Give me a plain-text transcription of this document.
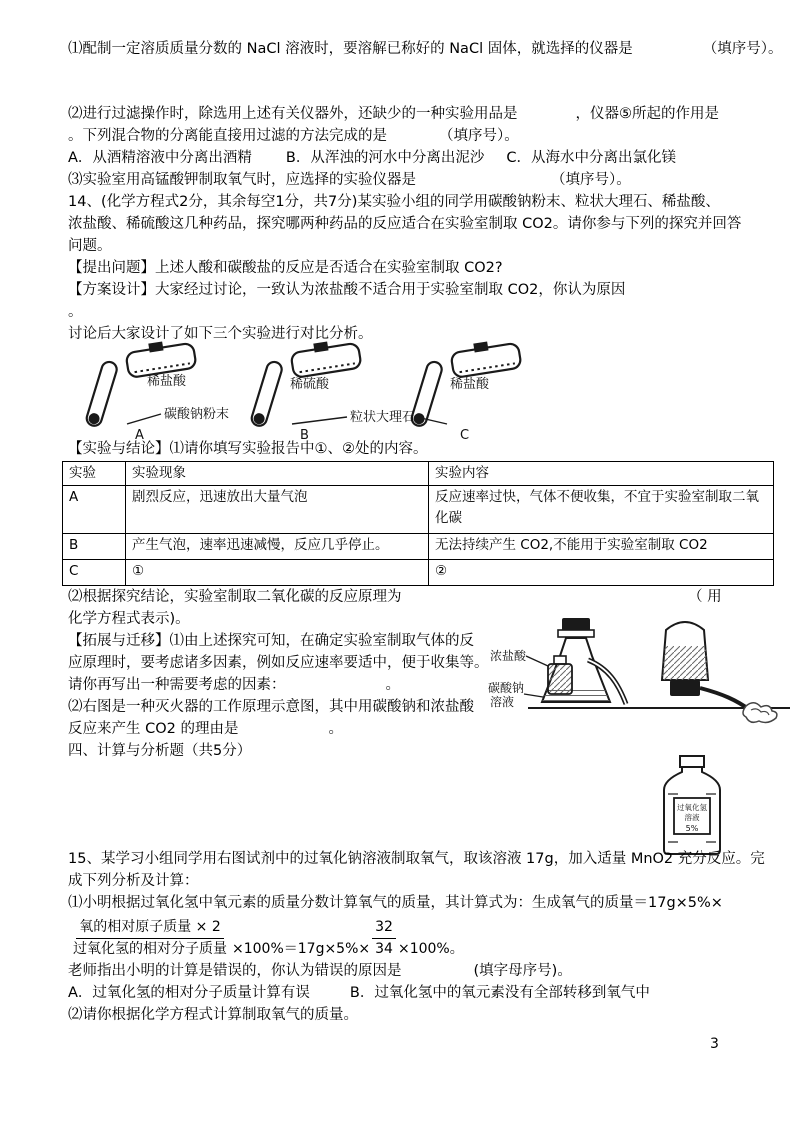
⑴配制一定溶质质量分数的 NaCl 溶液时，要溶解已称好的 NaCl 固体，就选择的仪器是	（填序号）。
⑵进行过滤操作时，除选用上述有关仪器外，还缺少的一种实验用品是	，仪器⑤所起的作用是
。下列混合物的分离能直接用过滤的方法完成的是	（填序号）。
A．从酒精溶液中分离出酒精 B．从浑浊的河水中分离出泥沙 C．从海水中分离出氯化镁
⑶实验室用高锰酸钾制取氧气时，应选择的实验仪器是	（填序号）。
14、(化学方程式2分，其余每空1分，共7分)某实验小组的同学用碳酸钠粉末、粒状大理石、稀盐酸、
浓盐酸、稀硫酸这几种药品，探究哪两种药品的反应适合在实验室制取 CO2。请你参与下列的探究并回答
问题。
【提出问题】上述人酸和碳酸盐的反应是否适合在实验室制取 CO2?
【方案设计】大家经过讨论，一致认为浓盐酸不适合用于实验室制取 CO2，你认为原因
。
讨论后大家设计了如下三个实验进行对比分析。
稀盐酸
碳酸钠粉末
A
稀硫酸
粒状大理石
B
稀盐酸
C
【实验与结论】⑴请你填写实验报告中①、②处的内容。
实验	实验现象	实验内容
A	剧烈反应，迅速放出大量气泡	反应速率过快，气体不便收集，不宜于实验室制取二氧化碳
B	产生气泡，速率迅速减慢，反应几乎停止。	无法持续产生 CO2,不能用于实验室制取 CO2
C	①	②
⑵根据探究结论，实验室制取二氧化碳的反应原理为	（ 用
化学方程式表示)。
【拓展与迁移】⑴由上述探究可知，在确定实验室制取气体的反
应原理时，要考虑诸多因素，例如反应速率要适中，便于收集等。
请你再写出一种需要考虑的因素：	。
⑵右图是一种灭火器的工作原理示意图，其中用碳酸钠和浓盐酸
反应来产生 CO2 的理由是	。
四、计算与分析题（共5分）
浓盐酸
碳酸钠
溶液
过氧化氢
溶液
5%
15、某学习小组同学用右图试剂中的过氧化钠溶液制取氧气，取该溶液 17g，加入适量 MnO2 充分反应。完
成下列分析及计算：
⑴小明根据过氧化氢中氧元素的质量分数计算氧气的质量，其计算式为：生成氧气的质量＝17g×5%×
$\frac{\text{氧的相对原子质量 × 2}}{\text{过氧化氢的相对分子质量}} \times 100\%=17g\times 5\%\times \frac{32}{34} \times 100\%$。
老师指出小明的计算是错误的，你认为错误的原因是	(填字母序号)。
A．过氧化氢的相对分子质量计算有误	B．过氧化氢中的氧元素没有全部转移到氧气中
⑵请你根据化学方程式计算制取氧气的质量。
3
